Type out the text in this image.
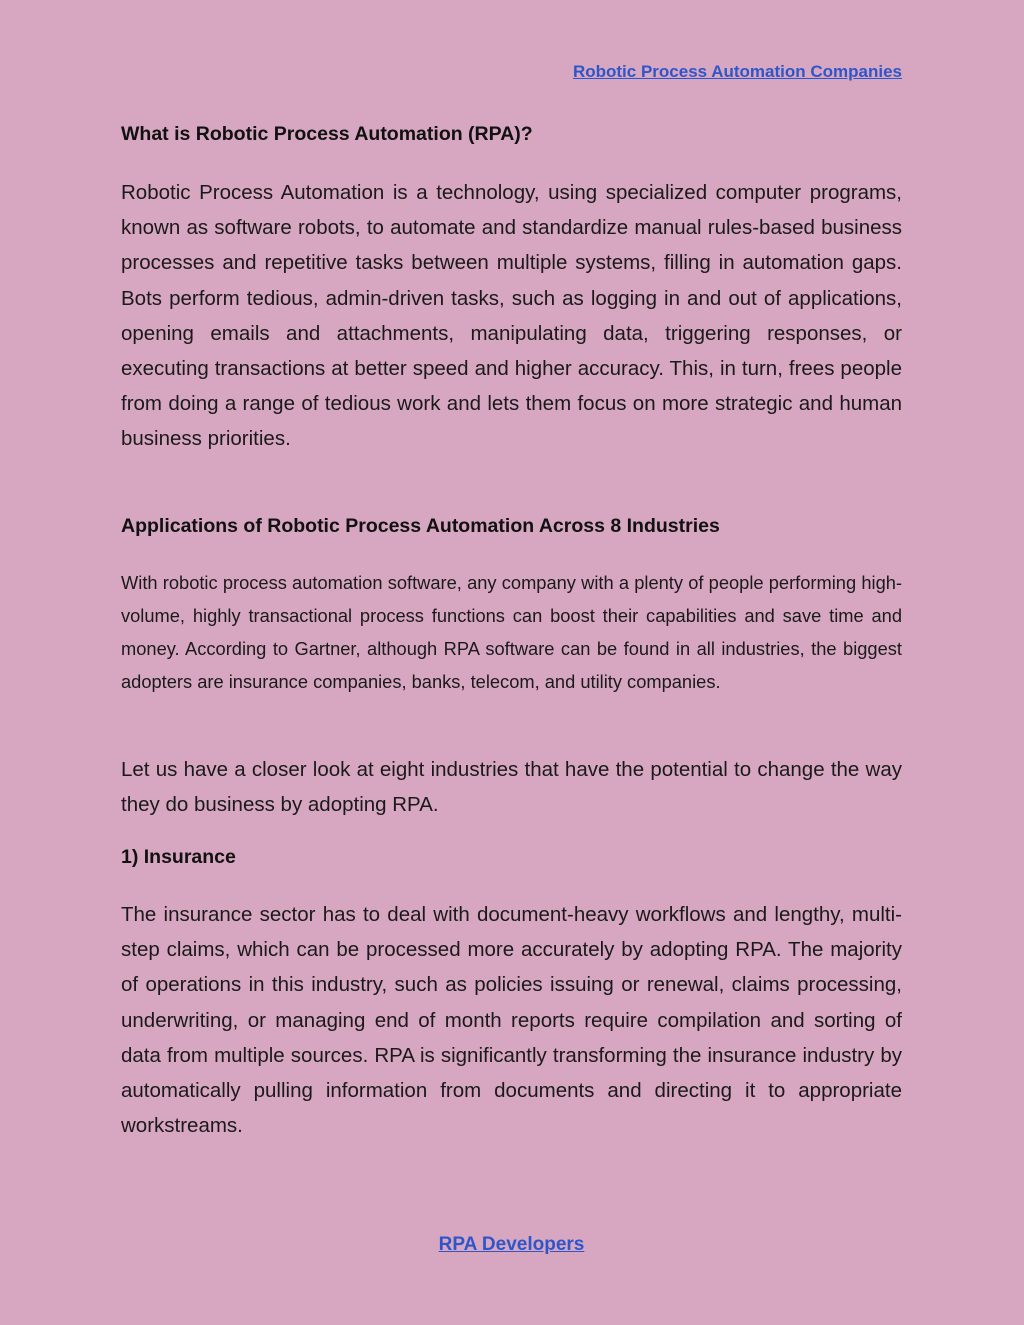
Robotic Process Automation Companies
What is Robotic Process Automation (RPA)?

Robotic Process Automation is a technology, using specialized computer programs, known as software robots, to automate and standardize manual rules-based business processes and repetitive tasks between multiple systems, filling in automation gaps. Bots perform tedious, admin-driven tasks, such as logging in and out of applications, opening emails and attachments, manipulating data, triggering responses, or executing transactions at better speed and higher accuracy. This, in turn, frees people from doing a range of tedious work and lets them focus on more strategic and human business priorities.

Applications of Robotic Process Automation Across 8 Industries

With robotic process automation software, any company with a plenty of people performing high-volume, highly transactional process functions can boost their capabilities and save time and money. According to Gartner, although RPA software can be found in all industries, the biggest adopters are insurance companies, banks, telecom, and utility companies.

Let us have a closer look at eight industries that have the potential to change the way they do business by adopting RPA.

1) Insurance

The insurance sector has to deal with document-heavy workflows and lengthy, multi-step claims, which can be processed more accurately by adopting RPA. The majority of operations in this industry, such as policies issuing or renewal, claims processing, underwriting, or managing end of month reports require compilation and sorting of data from multiple sources. RPA is significantly transforming the insurance industry by automatically pulling information from documents and directing it to appropriate workstreams.

RPA Developers
